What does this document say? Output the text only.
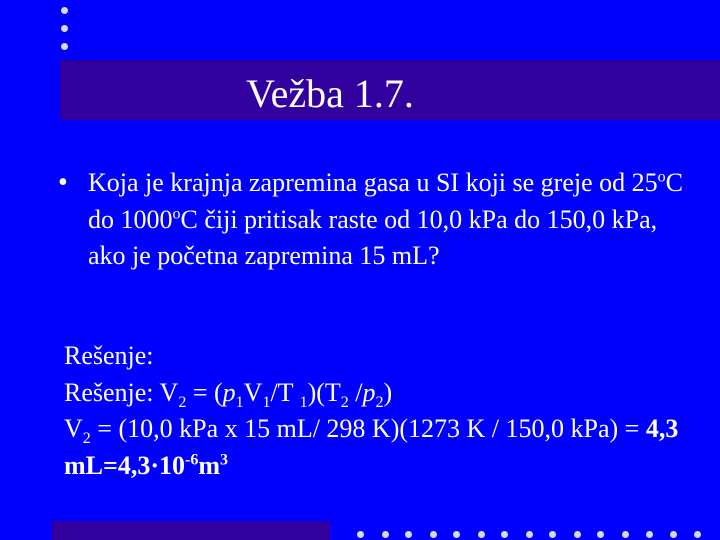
Vežba 1.7.
• Koja je krajnja zapremina gasa u SI koji se greje od 25$^o$C do 1000$^o$C čiji pritisak raste od 10,0 kPa do 150,0 kPa, ako je početna zapremina 15 mL?
Rešenje:
Rešenje: $V_2 = (p_1V_1/T$ $_1)(T_2$ $/p_2$)
$V_2 = (10,0$ kPa x 15 mL/ 298 K)(1273 K / 150,0 kPa) = 4,3 $mL=4,3\cdot 10^{-6}m^3$
